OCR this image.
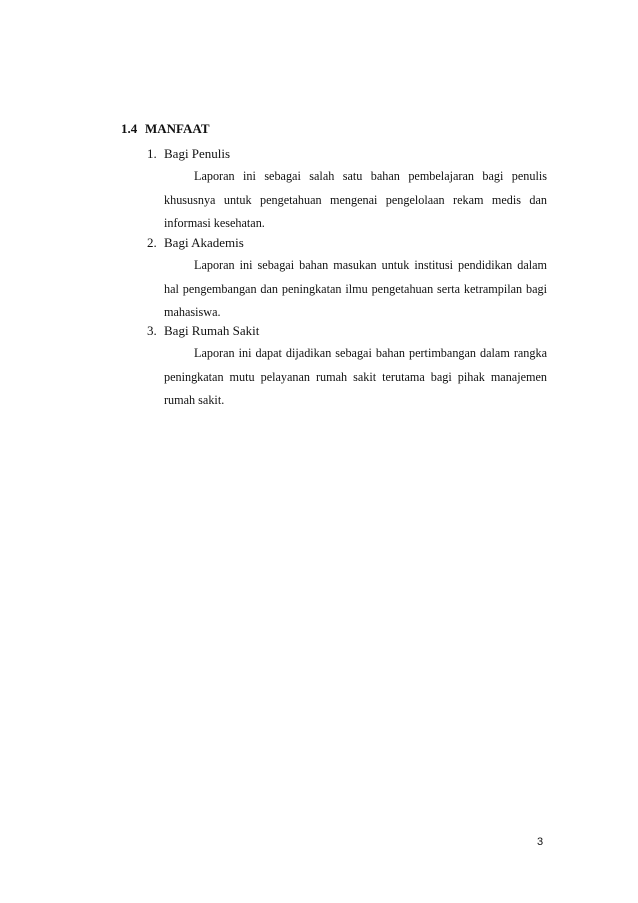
1.4 MANFAAT
1. Bagi Penulis
Laporan ini sebagai salah satu bahan pembelajaran bagi penulis khususnya untuk pengetahuan mengenai pengelolaan rekam medis dan informasi kesehatan.
2. Bagi Akademis
Laporan ini sebagai bahan masukan untuk institusi pendidikan dalam hal pengembangan dan peningkatan ilmu pengetahuan serta ketrampilan bagi mahasiswa.
3. Bagi Rumah Sakit
Laporan ini dapat dijadikan sebagai bahan pertimbangan dalam rangka peningkatan mutu pelayanan rumah sakit terutama bagi pihak manajemen rumah sakit.
3
